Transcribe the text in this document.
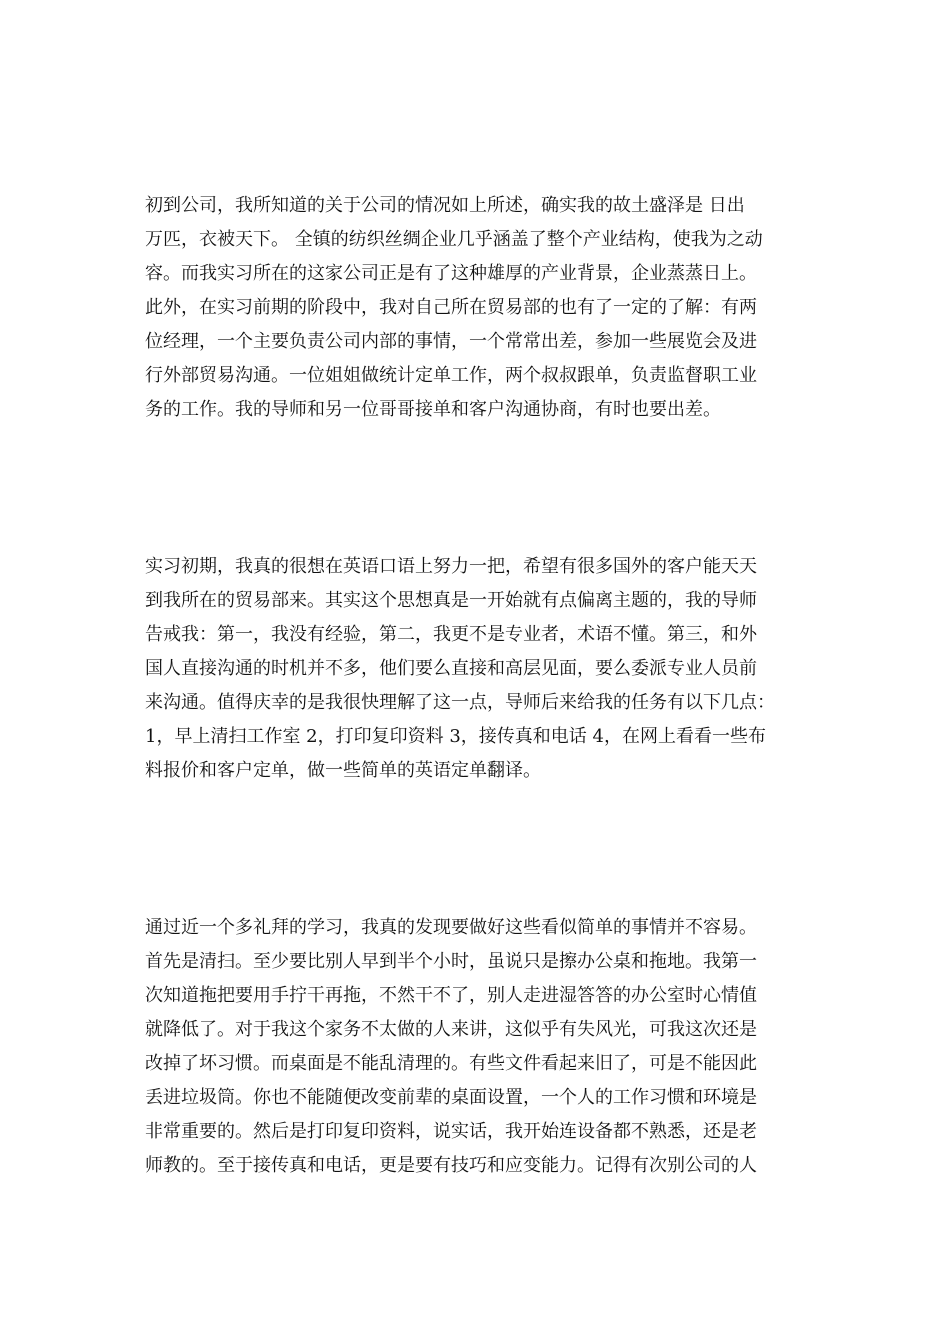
初到公司，我所知道的关于公司的情况如上所述，确实我的故土盛泽是 日出
万匹，衣被天下。 全镇的纺织丝绸企业几乎涵盖了整个产业结构，使我为之动
容。而我实习所在的这家公司正是有了这种雄厚的产业背景，企业蒸蒸日上。
此外，在实习前期的阶段中，我对自己所在贸易部的也有了一定的了解：有两
位经理，一个主要负责公司内部的事情，一个常常出差，参加一些展览会及进
行外部贸易沟通。一位姐姐做统计定单工作，两个叔叔跟单，负责监督职工业
务的工作。我的导师和另一位哥哥接单和客户沟通协商，有时也要出差。
实习初期，我真的很想在英语口语上努力一把，希望有很多国外的客户能天天
到我所在的贸易部来。其实这个思想真是一开始就有点偏离主题的，我的导师
告戒我：第一，我没有经验，第二，我更不是专业者，术语不懂。第三，和外
国人直接沟通的时机并不多，他们要么直接和高层见面，要么委派专业人员前
来沟通。值得庆幸的是我很快理解了这一点，导师后来给我的任务有以下几点：
1，早上清扫工作室 2，打印复印资料 3，接传真和电话 4，在网上看看一些布
料报价和客户定单，做一些简单的英语定单翻译。
通过近一个多礼拜的学习，我真的发现要做好这些看似简单的事情并不容易。
首先是清扫。至少要比别人早到半个小时，虽说只是擦办公桌和拖地。我第一
次知道拖把要用手拧干再拖，不然干不了，别人走进湿答答的办公室时心情值
就降低了。对于我这个家务不太做的人来讲，这似乎有失风光，可我这次还是
改掉了坏习惯。而桌面是不能乱清理的。有些文件看起来旧了，可是不能因此
丢进垃圾筒。你也不能随便改变前辈的桌面设置，一个人的工作习惯和环境是
非常重要的。然后是打印复印资料，说实话，我开始连设备都不熟悉，还是老
师教的。至于接传真和电话，更是要有技巧和应变能力。记得有次别公司的人
